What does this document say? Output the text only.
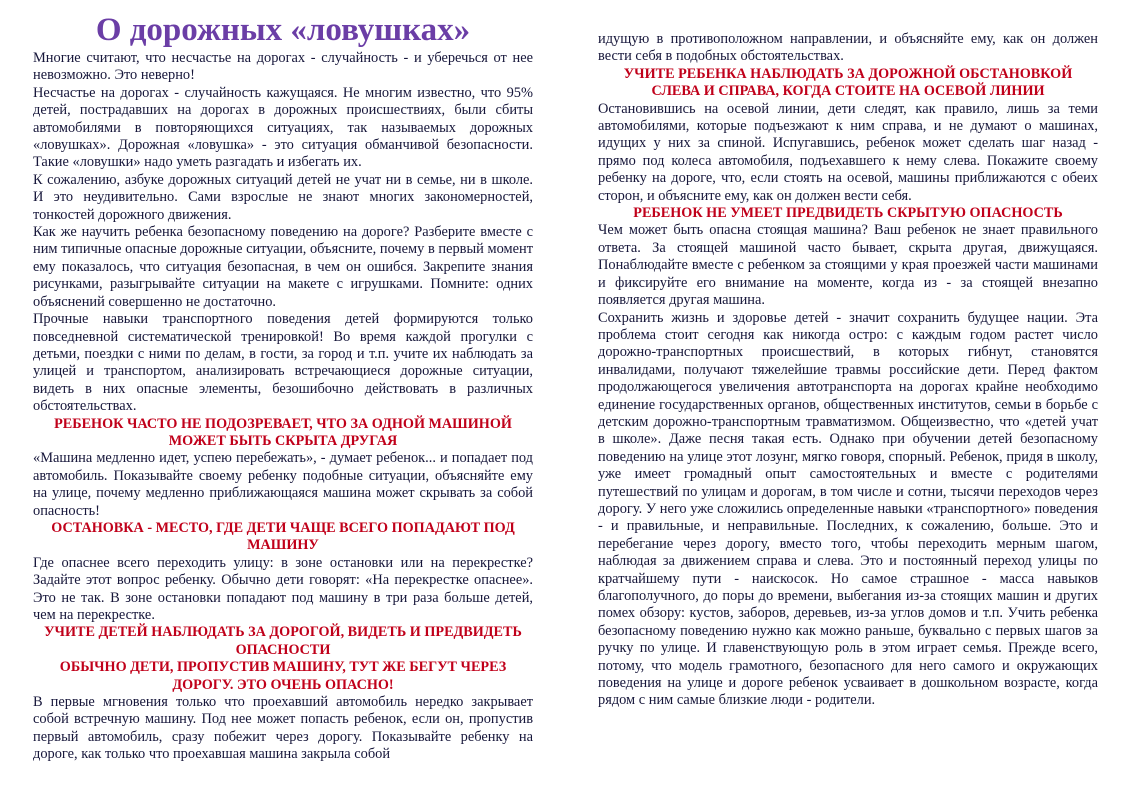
О дорожных «ловушках»

Многие считают, что несчастье на дорогах - случайность - и уберечься от нее невозможно. Это неверно!

Несчастье на дорогах - случайность кажущаяся. Не многим известно, что 95% детей, пострадавших на дорогах в дорожных происшествиях, были сбиты автомобилями в повторяющихся ситуациях, так называемых дорожных «ловушках». Дорожная «ловушка» - это ситуация обманчивой безопасности. Такие «ловушки» надо уметь разгадать и избегать их.

К сожалению, азбуке дорожных ситуаций детей не учат ни в семье, ни в школе. И это неудивительно. Сами взрослые не знают многих закономерностей, тонкостей дорожного движения.

Как же научить ребенка безопасному поведению на дороге? Разберите вместе с ним типичные опасные дорожные ситуации, объясните, почему в первый момент ему показалось, что ситуация безопасная, в чем он ошибся. Закрепите знания рисунками, разыгрывайте ситуации на макете с игрушками. Помните: одних объяснений совершенно не достаточно.

Прочные навыки транспортного поведения детей формируются только повседневной систематической тренировкой! Во время каждой прогулки с детьми, поездки с ними по делам, в гости, за город и т.п. учите их наблюдать за улицей и транспортом, анализировать встречающиеся дорожные ситуации, видеть в них опасные элементы, безошибочно действовать в различных обстоятельствах.

РЕБЕНОК ЧАСТО НЕ ПОДОЗРЕВАЕТ, ЧТО ЗА ОДНОЙ МАШИНОЙ МОЖЕТ БЫТЬ СКРЫТА ДРУГАЯ

«Машина медленно идет, успею перебежать», - думает ребенок... и попадает под автомобиль. Показывайте своему ребенку подобные ситуации, объясняйте ему на улице, почему медленно приближающаяся машина может скрывать за собой опасность!

ОСТАНОВКА - МЕСТО, ГДЕ ДЕТИ ЧАЩЕ ВСЕГО ПОПАДАЮТ ПОД МАШИНУ

Где опаснее всего переходить улицу: в зоне остановки или на перекрестке? Задайте этот вопрос ребенку. Обычно дети говорят: «На перекрестке опаснее». Это не так. В зоне остановки попадают под машину в три раза больше детей, чем на перекрестке.

УЧИТЕ ДЕТЕЙ НАБЛЮДАТЬ ЗА ДОРОГОЙ, ВИДЕТЬ И ПРЕДВИДЕТЬ ОПАСНОСТИ
ОБЫЧНО ДЕТИ, ПРОПУСТИВ МАШИНУ, ТУТ ЖЕ БЕГУТ ЧЕРЕЗ ДОРОГУ. ЭТО ОЧЕНЬ ОПАСНО!

В первые мгновения только что проехавший автомобиль нередко закрывает собой встречную машину. Под нее может попасть ребенок, если он, пропустив первый автомобиль, сразу побежит через дорогу. Показывайте ребенку на дороге, как только что проехавшая машина закрыла собой

идущую в противоположном направлении, и объясняйте ему, как он должен вести себя в подобных обстоятельствах.

УЧИТЕ РЕБЕНКА НАБЛЮДАТЬ ЗА ДОРОЖНОЙ ОБСТАНОВКОЙ СЛЕВА И СПРАВА, КОГДА СТОИТЕ НА ОСЕВОЙ ЛИНИИ

Остановившись на осевой линии, дети следят, как правило, лишь за теми автомобилями, которые подъезжают к ним справа, и не думают о машинах, идущих у них за спиной. Испугавшись, ребенок может сделать шаг назад - прямо под колеса автомобиля, подъехавшего к нему слева. Покажите своему ребенку на дороге, что, если стоять на осевой, машины приближаются с обеих сторон, и объясните ему, как он должен вести себя.

РЕБЕНОК НЕ УМЕЕТ ПРЕДВИДЕТЬ СКРЫТУЮ ОПАСНОСТЬ

Чем может быть опасна стоящая машина? Ваш ребенок не знает правильного ответа. За стоящей машиной часто бывает, скрыта другая, движущаяся. Понаблюдайте вместе с ребенком за стоящими у края проезжей части машинами и фиксируйте его внимание на моменте, когда из - за стоящей внезапно появляется другая машина.

Сохранить жизнь и здоровье детей - значит сохранить будущее нации. Эта проблема стоит сегодня как никогда остро: с каждым годом растет число дорожно-транспортных происшествий, в которых гибнут, становятся инвалидами, получают тяжелейшие травмы российские дети. Перед фактом продолжающегося увеличения автотранспорта на дорогах крайне необходимо единение государственных органов, общественных институтов, семьи в борьбе с детским дорожно-транспортным травматизмом. Общеизвестно, что «детей учат в школе». Даже песня такая есть. Однако при обучении детей безопасному поведению на улице этот лозунг, мягко говоря, спорный. Ребенок, придя в школу, уже имеет громадный опыт самостоятельных и вместе с родителями путешествий по улицам и дорогам, в том числе и сотни, тысячи переходов через дорогу. У него уже сложились определенные навыки «транспортного» поведения - и правильные, и неправильные. Последних, к сожалению, больше. Это и перебегание через дорогу, вместо того, чтобы переходить мерным шагом, наблюдая за движением справа и слева. Это и постоянный переход улицы по кратчайшему пути - наискосок. Но самое страшное - масса навыков благополучного, до поры до времени, выбегания из-за стоящих машин и других помех обзору: кустов, заборов, деревьев, из-за углов домов и т.п. Учить ребенка безопасному поведению нужно как можно раньше, буквально с первых шагов за ручку по улице. И главенствующую роль в этом играет семья. Прежде всего, потому, что модель грамотного, безопасного для него самого и окружающих поведения на улице и дороге ребенок усваивает в дошкольном возрасте, когда рядом с ним самые близкие люди - родители.
